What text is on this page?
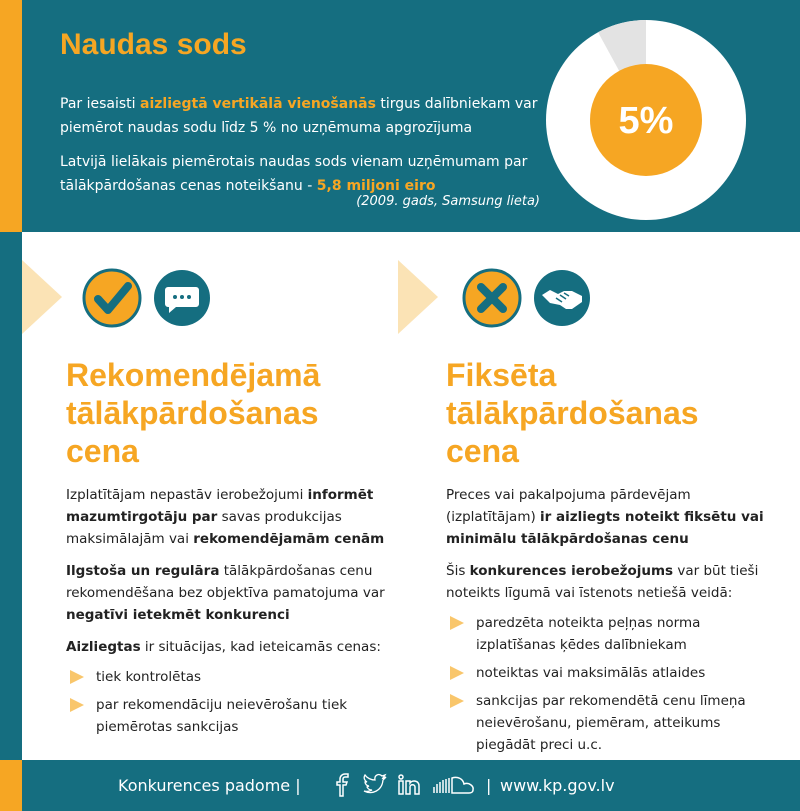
Naudas sods

Par iesaisti aizliegtā vertikālā vienošanās tirgus dalībniekam var piemērot naudas sodu līdz 5 % no uzņēmuma apgrozījuma

Latvijā lielākais piemērotais naudas sods vienam uzņēmumam par tālākpārdošanas cenas noteikšanu - 5,8 miljoni eiro

(2009. gads, Samsung lieta)
5%
Rekomendējamā tālākpārdošanas cena

Izplatītājam nepastāv ierobežojumi informēt mazumtirgotāju par savas produkcijas maksimālajām vai rekomendējamām cenām

Ilgstoša un regulāra tālākpārdošanas cenu rekomendēšana bez objektīva pamatojuma var negatīvi ietekmēt konkurenci

Aizliegtas ir situācijas, kad ieteicamās cenas:

tiek kontrolētas
par rekomendāciju neievērošanu tiek piemērotas sankcijas
Fiksēta tālākpārdošanas cena

Preces vai pakalpojuma pārdevējam (izplatītājam) ir aizliegts noteikt fiksētu vai minimālu tālākpārdošanas cenu

Šis konkurences ierobežojums var būt tieši noteikts līgumā vai īstenots netiešā veidā:

paredzēta noteikta peļņas norma izplatīšanas ķēdes dalībniekam
noteiktas vai maksimālās atlaides
sankcijas par rekomendētā cenu līmeņa neievērošanu, piemēram, atteikums piegādāt preci u.c.
Konkurences padome |	| www.kp.gov.lv
